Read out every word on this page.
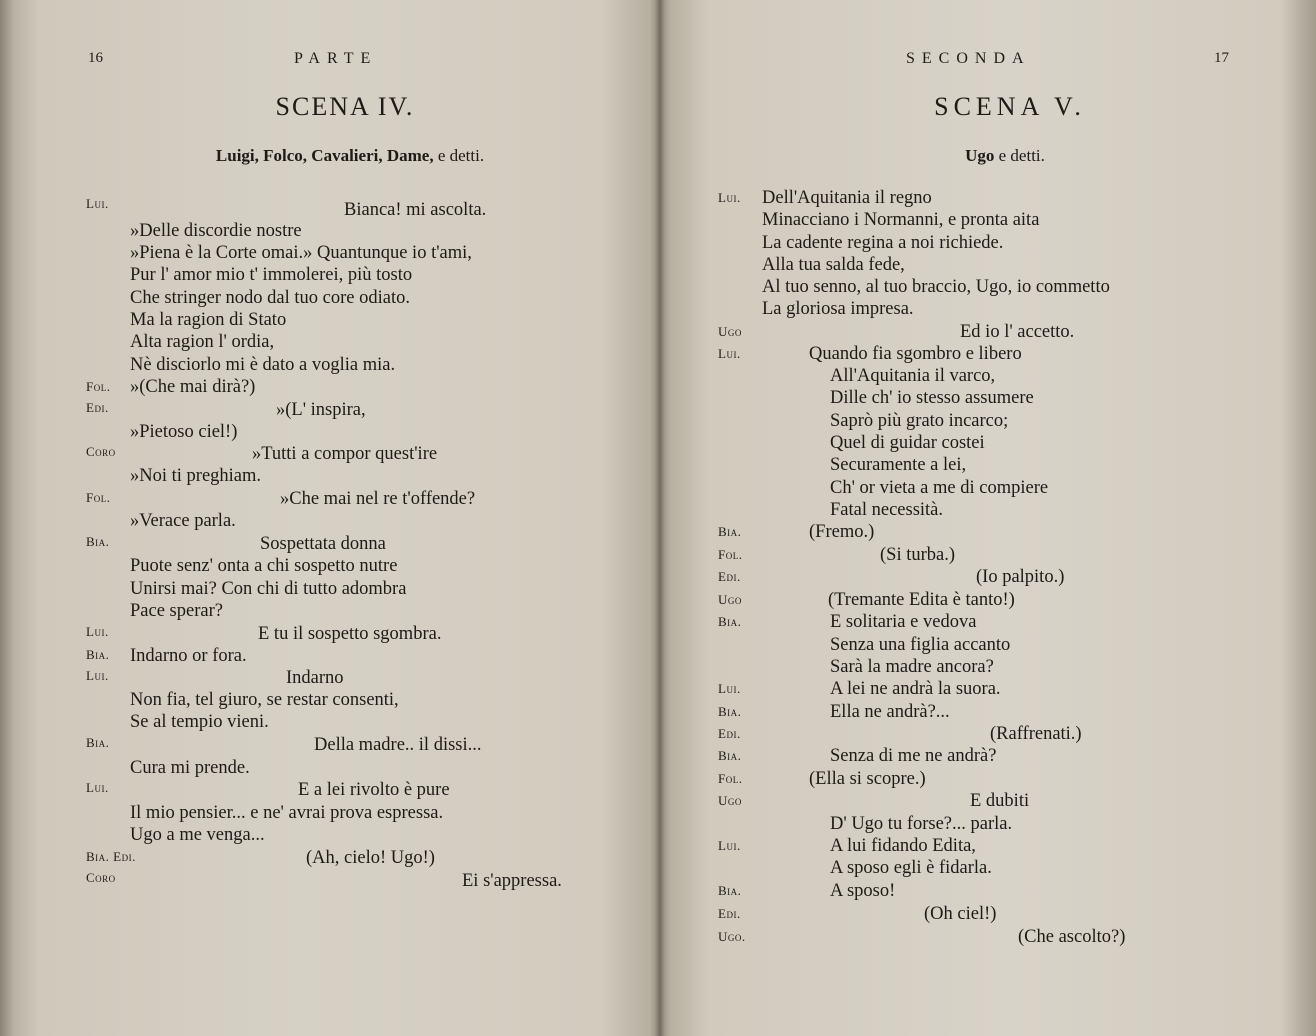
16	PARTE
SCENA IV.
Luigi, Folco, Cavalieri, Dame, e detti.
Lui.	Bianca! mi ascolta.
»Delle discordie nostre
»Piena è la Corte omai.» Quantunque io t'ami,
Pur l' amor mio t' immolerei, più tosto
Che stringer nodo dal tuo core odiato.
Ma la ragion di Stato
Alta ragion l' ordia,
Nè disciorlo mi è dato a voglia mia.
Fol. »(Che mai dirà?)
Edi.	»(L' inspira,
»Pietoso ciel!)
Coro	»Tutti a compor quest'ire
»Noi ti preghiam.
Fol.	»Che mai nel re t'offende?
»Verace parla.
Bia.	Sospettata donna
Puote senz' onta a chi sospetto nutre
Unirsi mai? Con chi di tutto adombra
Pace sperar?
Lui.	E tu il sospetto sgombra.
Bia. Indarno or fora.
Lui.	Indarno
Non fia, tel giuro, se restar consenti,
Se al tempio vieni.
Bia.	Della madre.. il dissi...
Cura mi prende.
Lui.	E a lei rivolto è pure
Il mio pensier... e ne' avrai prova espressa.
Ugo a me venga...
Bia. Edi.	(Ah, cielo! Ugo!)
Coro	Ei s'appressa.
SECONDA	17
SCENA V.
Ugo e detti.
Lui. Dell'Aquitania il regno
Minacciano i Normanni, e pronta aita
La cadente regina a noi richiede.
Alla tua salda fede,
Al tuo senno, al tuo braccio, Ugo, io commetto
La gloriosa impresa.
Ugo	Ed io l' accetto.
Lui.	Quando fia sgombro e libero
All'Aquitania il varco,
Dille ch' io stesso assumere
Saprò più grato incarco;
Quel di guidar costei
Securamente a lei,
Ch' or vieta a me di compiere
Fatal necessità.
Bia.	(Fremo.)
Fol.	(Si turba.)
Edi.	(Io palpito.)
Ugo	(Tremante Edita è tanto!)
Bia.	E solitaria e vedova
Senza una figlia accanto
Sarà la madre ancora?
Lui.	A lei ne andrà la suora.
Bia.	Ella ne andrà?...
Edi.	(Raffrenati.)
Bia.	Senza di me ne andrà?
Fol.	(Ella si scopre.)
Ugo	E dubiti
D' Ugo tu forse?... parla.
Lui.	A lui fidando Edita,
A sposo egli è fidarla.
Bia.	A sposo!
Edi.	(Oh ciel!)
Ugo.	(Che ascolto?)
